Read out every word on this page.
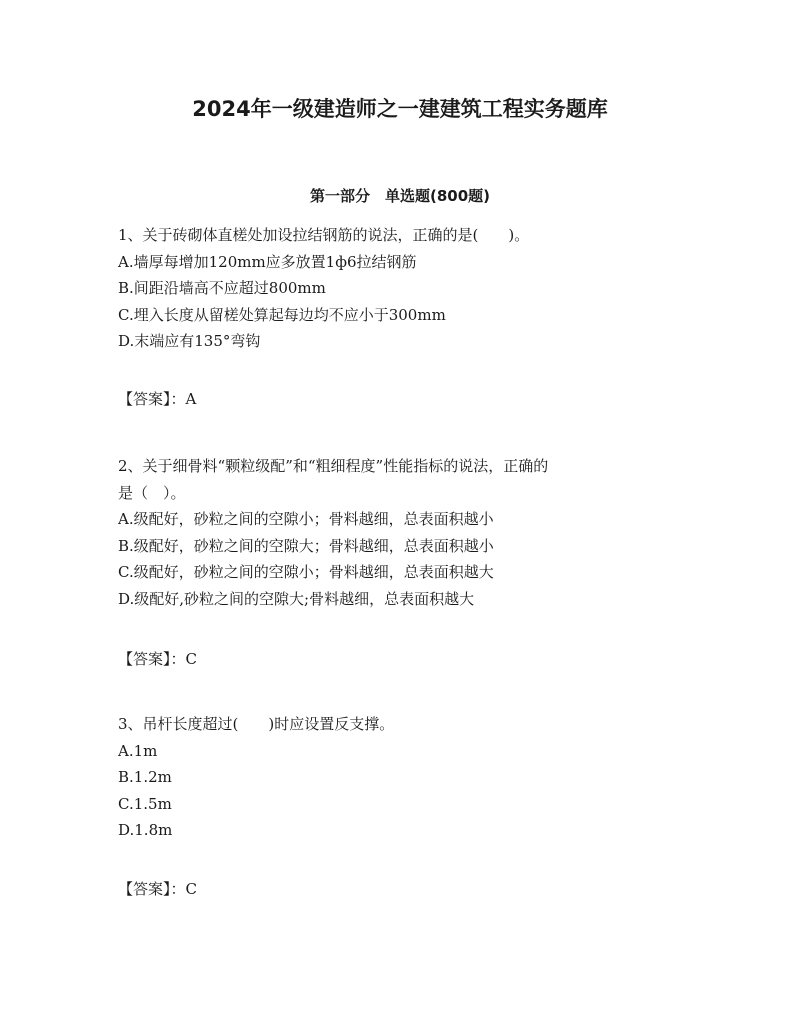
2024年一级建造师之一建建筑工程实务题库
第一部分　单选题(800题)
1、关于砖砌体直槎处加设拉结钢筋的说法，正确的是(　　)。
A.墙厚每增加120mm应多放置1ф6拉结钢筋
B.间距沿墙高不应超过800mm
C.埋入长度从留槎处算起每边均不应小于300mm
D.末端应有135°弯钩
【答案】：A
2、关于细骨料“颗粒级配”和“粗细程度”性能指标的说法，正确的
是（　）。
A.级配好，砂粒之间的空隙小；骨料越细，总表面积越小
B.级配好，砂粒之间的空隙大；骨料越细，总表面积越小
C.级配好，砂粒之间的空隙小；骨料越细，总表面积越大
D.级配好,砂粒之间的空隙大;骨料越细，总表面积越大
【答案】：C
3、吊杆长度超过(　　)时应设置反支撑。
A.1m
B.1.2m
C.1.5m
D.1.8m
【答案】：C
